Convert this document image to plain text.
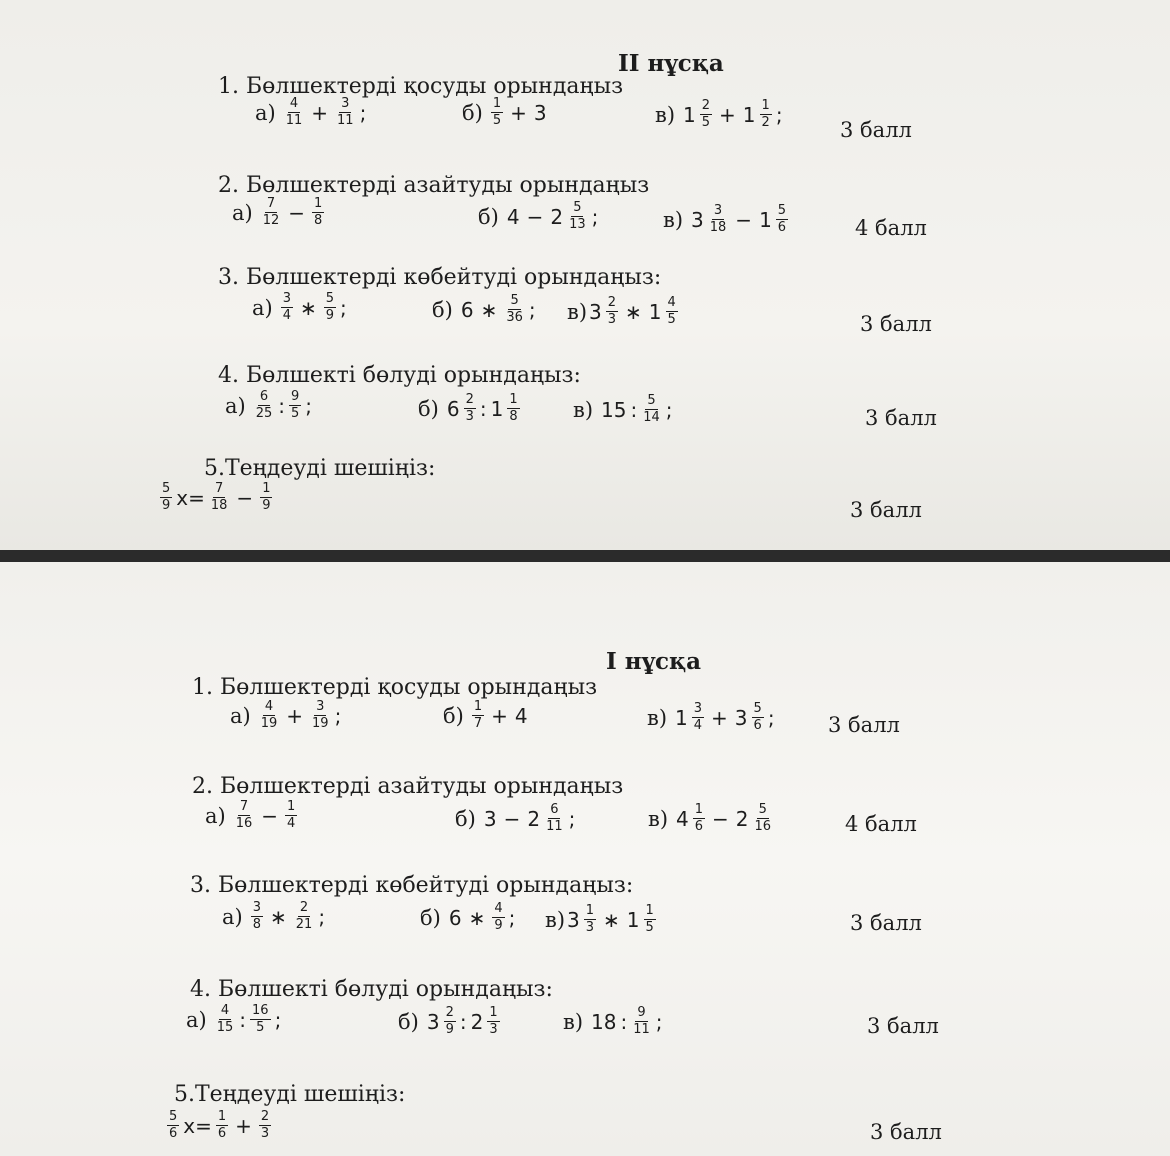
II нұсқа
1. Бөлшектерді қосуды орындаңыз
а) 4
$11 + \frac{3}{11}$ ;	б) 1
5 + 3	в) 1 2
5 + 1 1
2 ;
3 балл
2. Бөлшектерді азайтуды орындаңыз
а) 7
$12 - \frac{1}{8}$	б) 4 − 2 5
13 ;	в) 3 3
18 − 1 5
6	4 балл
3. Бөлшектерді көбейтуді орындаңыз:
а) 3
4 ∗ 5
9 ;	б) 6 ∗ 5
36 ; в) 3 2
3 ∗ 1 4
5	3 балл
4. Бөлшекті бөлуді орындаңыз:
а) 6
25 : 9
5 ;	б) 6 2
3 : 1 1
8	в) 15 : 5
14 ;	3 балл
5.Теңдеуді шешіңіз:
5
9 $x= \frac{7}{18} - \frac{1}{9}$	3 балл
І нұсқа
1. Бөлшектерді қосуды орындаңыз
а) 4
$19 + \frac{3}{19}$ ;	б) 1
7 + 4	в) 1 3
4 + 3 5
6 ;	3 балл
2. Бөлшектерді азайтуды орындаңыз
а) 7
$16 - \frac{1}{4}$	б) 3 − 2 6
11 ;	в) 4 1
6 − 2 5
16	4 балл
3. Бөлшектерді көбейтуді орындаңыз:
а) 3
8 ∗ 2
21 ;	б) 6 ∗ 4
9 ; в) 3 1
3 ∗ 1 1
5	3 балл
4. Бөлшекті бөлуді орындаңыз:
а) 4
15 : 16
5 ;	б) 3 2
9 : 2 1
3	в) 18 : 9
11 ;	3 балл
5.Теңдеуді шешіңіз:
5
6 $x= \frac{1}{6} + \frac{2}{3}$	3 балл
